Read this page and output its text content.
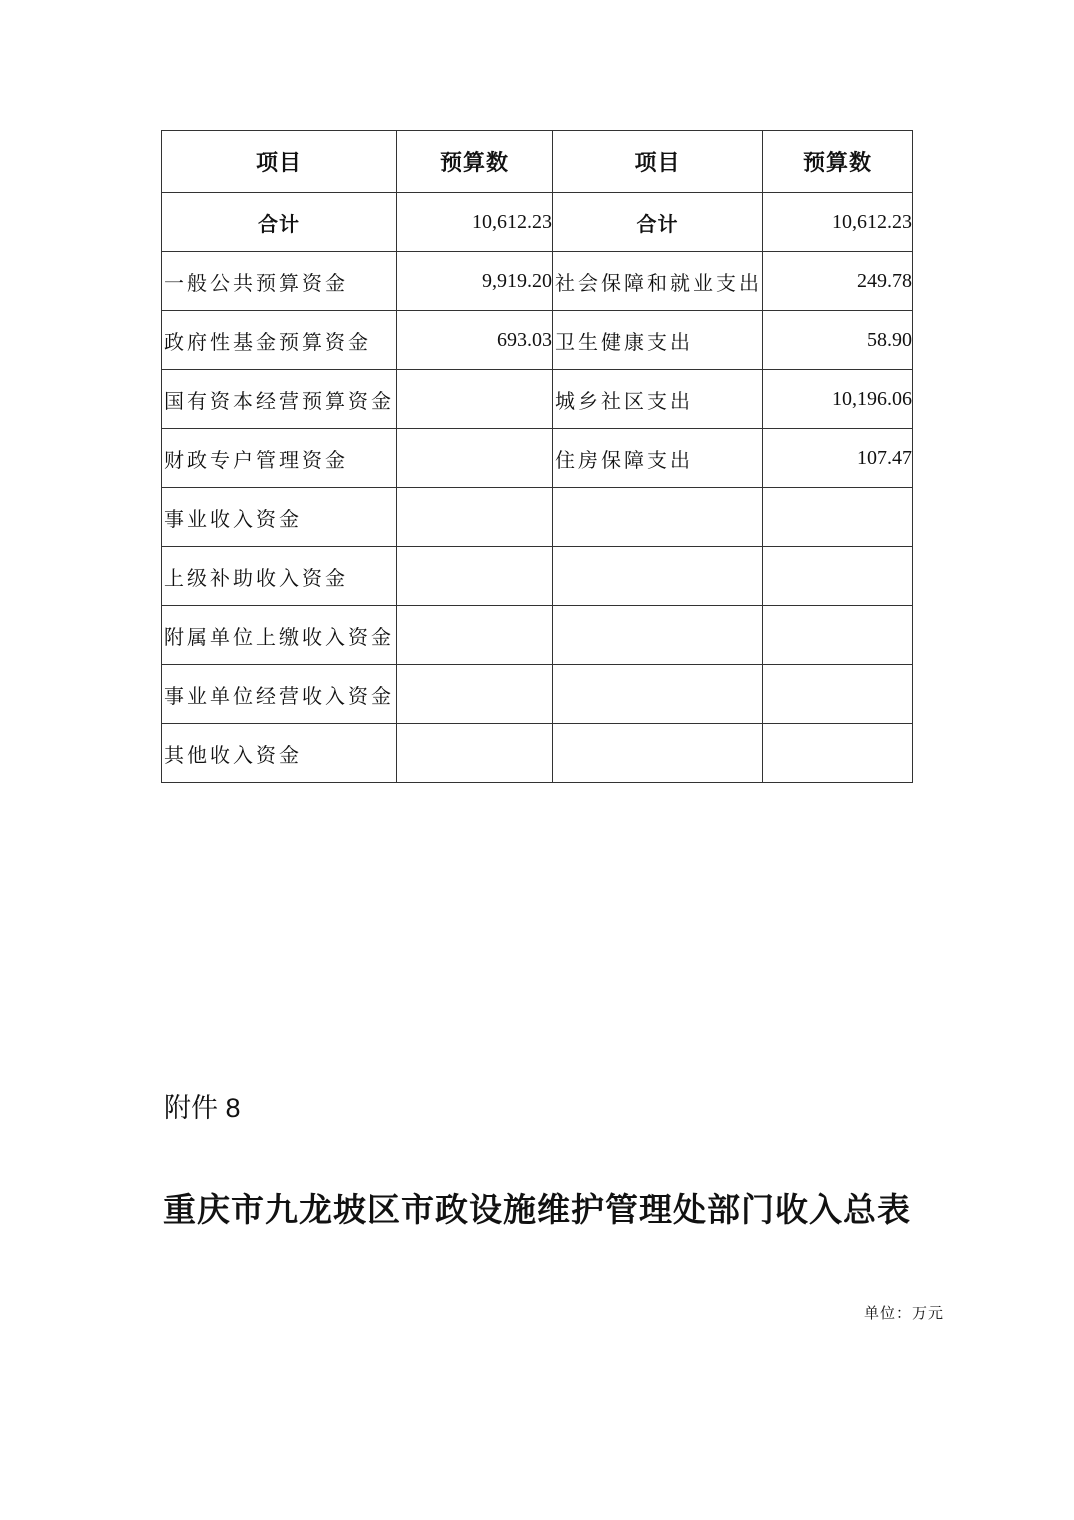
项目	预算数	项目	预算数
合计	10,612.23	合计	10,612.23
一般公共预算资金	9,919.20	社会保障和就业支出	249.78
政府性基金预算资金	693.03	卫生健康支出	58.90
国有资本经营预算资金		城乡社区支出	10,196.06
财政专户管理资金		住房保障支出	107.47
事业收入资金			
上级补助收入资金			
附属单位上缴收入资金			
事业单位经营收入资金			
其他收入资金			
附件 8
重庆市九龙坡区市政设施维护管理处部门收入总表
单位：万元
